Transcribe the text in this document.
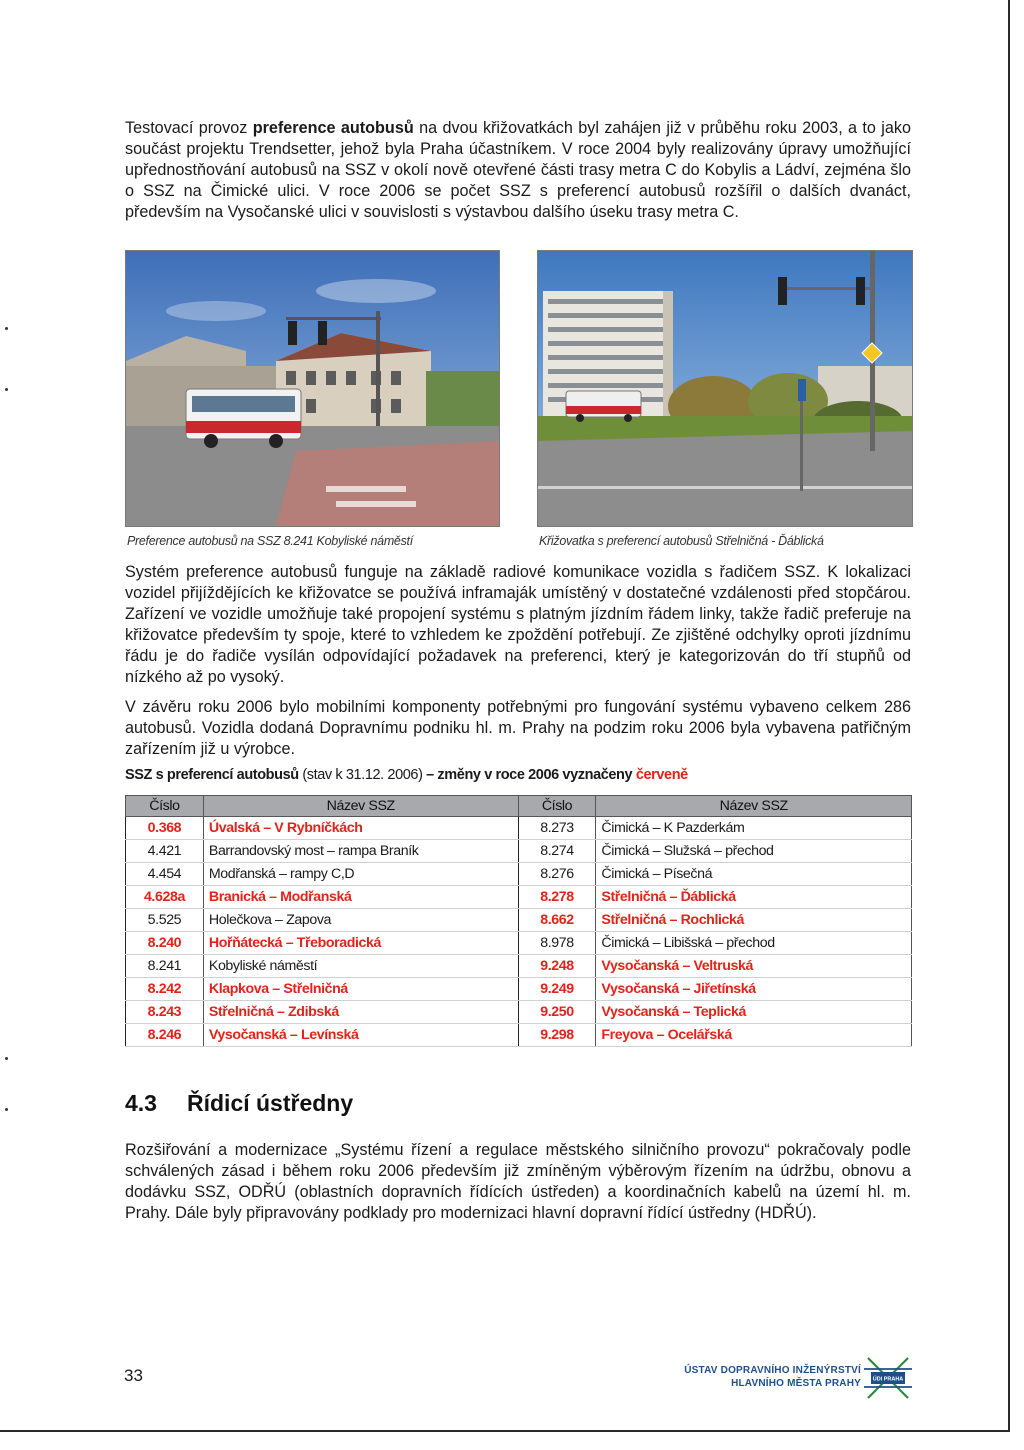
Testovací provoz preference autobusů na dvou křižovatkách byl zahájen již v průběhu roku 2003, a to jako součást projektu Trendsetter, jehož byla Praha účastníkem. V roce 2004 byly realizovány úpravy umožňující upřednostňování autobusů na SSZ v okolí nově otevřené části trasy metra C do Kobylis a Ládví, zejména šlo o SSZ na Čimické ulici. V roce 2006 se počet SSZ s preferencí autobusů rozšířil o dalších dvanáct, především na Vysočanské ulici v souvislosti s výstavbou dalšího úseku trasy metra C.

Preference autobusů na SSZ 8.241 Kobyliské náměstí	Křižovatka s preferencí autobusů Střelničná - Ďáblická

Systém preference autobusů funguje na základě radiové komunikace vozidla s řadičem SSZ. K lokalizaci vozidel přijíždějících ke křižovatce se používá inframaják umístěný v dostatečné vzdálenosti před stopčárou. Zařízení ve vozidle umožňuje také propojení systému s platným jízdním řádem linky, takže řadič preferuje na křižovatce především ty spoje, které to vzhledem ke zpoždění potřebují. Ze zjištěné odchylky oproti jízdnímu řádu je do řadiče vysílán odpovídající požadavek na preferenci, který je kategorizován do tří stupňů od nízkého až po vysoký.

V závěru roku 2006 bylo mobilními komponenty potřebnými pro fungování systému vybaveno celkem 286 autobusů. Vozidla dodaná Dopravnímu podniku hl. m. Prahy na podzim roku 2006 byla vybavena patřičným zařízením již u výrobce.

SSZ s preferencí autobusů (stav k 31.12. 2006) – změny v roce 2006 vyznačeny červeně

Číslo	Název SSZ	Číslo	Název SSZ
0.368	Úvalská – V Rybníčkách	8.273	Čimická – K Pazderkám
4.421	Barrandovský most – rampa Braník	8.274	Čimická – Služská – přechod
4.454	Modřanská – rampy C,D	8.276	Čimická – Písečná
4.628a	Branická – Modřanská	8.278	Střelničná – Ďáblická
5.525	Holečkova – Zapova	8.662	Střelničná – Rochlická
8.240	Hořňátecká – Třeboradická	8.978	Čimická – Libišská – přechod
8.241	Kobyliské náměstí	9.248	Vysočanská – Veltruská
8.242	Klapkova – Střelničná	9.249	Vysočanská – Jiřetínská
8.243	Střelničná – Zdibská	9.250	Vysočanská – Teplická
8.246	Vysočanská – Levínská	9.298	Freyova – Ocelářská
4.3 Řídicí ústředny

Rozšiřování a modernizace „Systému řízení a regulace městského silničního provozu“ pokračovaly podle schválených zásad i během roku 2006 především již zmíněným výběrovým řízením na údržbu, obnovu a dodávku SSZ, ODŘÚ (oblastních dopravních řídících ústředen) a koordinačních kabelů na území hl. m. Prahy. Dále byly připravovány podklady pro modernizaci hlavní dopravní řídící ústředny (HDŘÚ).

33	ÚSTAV DOPRAVNÍHO INŽENÝRSTVÍ
HLAVNÍHO MĚSTA PRAHY ÚDI PRAHA
